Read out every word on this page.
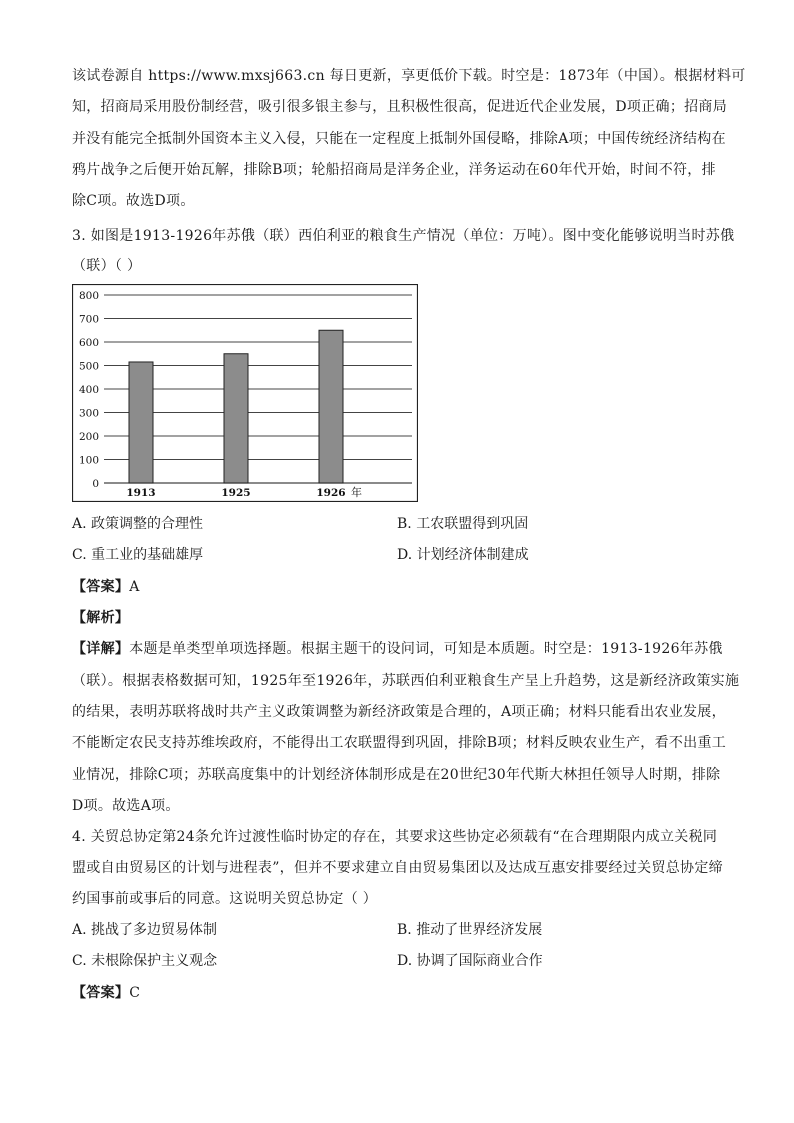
该试卷源自 https://www.mxsj663.cn 每日更新，享更低价下载。时空是：1873年（中国）。根据材料可
知，招商局采用股份制经营，吸引很多银主参与，且积极性很高，促进近代企业发展，D项正确；招商局
并没有能完全抵制外国资本主义入侵，只能在一定程度上抵制外国侵略，排除A项；中国传统经济结构在
鸦片战争之后便开始瓦解，排除B项；轮船招商局是洋务企业，洋务运动在60年代开始，时间不符，排
除C项。故选D项。
3. 如图是1913-1926年苏俄（联）西伯利亚的粮食生产情况（单位：万吨）。图中变化能够说明当时苏俄
（联）（ ）
0
100
200
300
400
500
600
700
800
1913	1925	1926 年
A. 政策调整的合理性	B. 工农联盟得到巩固
C. 重工业的基础雄厚	D. 计划经济体制建成
【答案】A
【解析】
【详解】本题是单类型单项选择题。根据主题干的设问词，可知是本质题。时空是：1913-1926年苏俄
（联）。根据表格数据可知，1925年至1926年，苏联西伯利亚粮食生产呈上升趋势，这是新经济政策实施
的结果，表明苏联将战时共产主义政策调整为新经济政策是合理的，A项正确；材料只能看出农业发展，
不能断定农民支持苏维埃政府，不能得出工农联盟得到巩固，排除B项；材料反映农业生产，看不出重工
业情况，排除C项；苏联高度集中的计划经济体制形成是在20世纪30年代斯大林担任领导人时期，排除
D项。故选A项。
4. 关贸总协定第24条允许过渡性临时协定的存在，其要求这些协定必须载有“在合理期限内成立关税同
盟或自由贸易区的计划与进程表”，但并不要求建立自由贸易集团以及达成互惠安排要经过关贸总协定缔
约国事前或事后的同意。这说明关贸总协定（ ）
A. 挑战了多边贸易体制	B. 推动了世界经济发展
C. 未根除保护主义观念	D. 协调了国际商业合作
【答案】C
